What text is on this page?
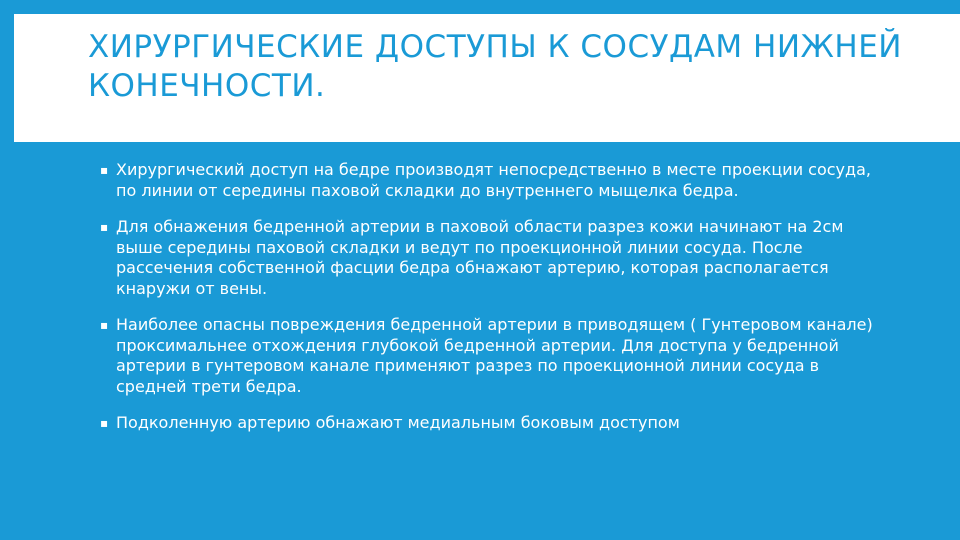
ХИРУРГИЧЕСКИЕ ДОСТУПЫ К СОСУДАМ НИЖНЕЙ КОНЕЧНОСТИ.
▪ Хирургический доступ на бедре производят непосредственно в месте проекции сосуда, по линии от середины паховой складки до внутреннего мыщелка бедра.
▪ Для обнажения бедренной артерии в паховой области разрез кожи начинают на 2см выше середины паховой складки и ведут по проекционной линии сосуда. После рассечения собственной фасции бедра обнажают артерию, которая располагается кнаружи от вены.
▪ Наиболее опасны повреждения бедренной артерии в приводящем ( Гунтеровом канале) проксимальнее отхождения глубокой бедренной артерии. Для доступа у бедренной артерии в гунтеровом канале применяют разрез по проекционной линии сосуда в средней трети бедра.
▪ Подколенную артерию обнажают медиальным боковым доступом
